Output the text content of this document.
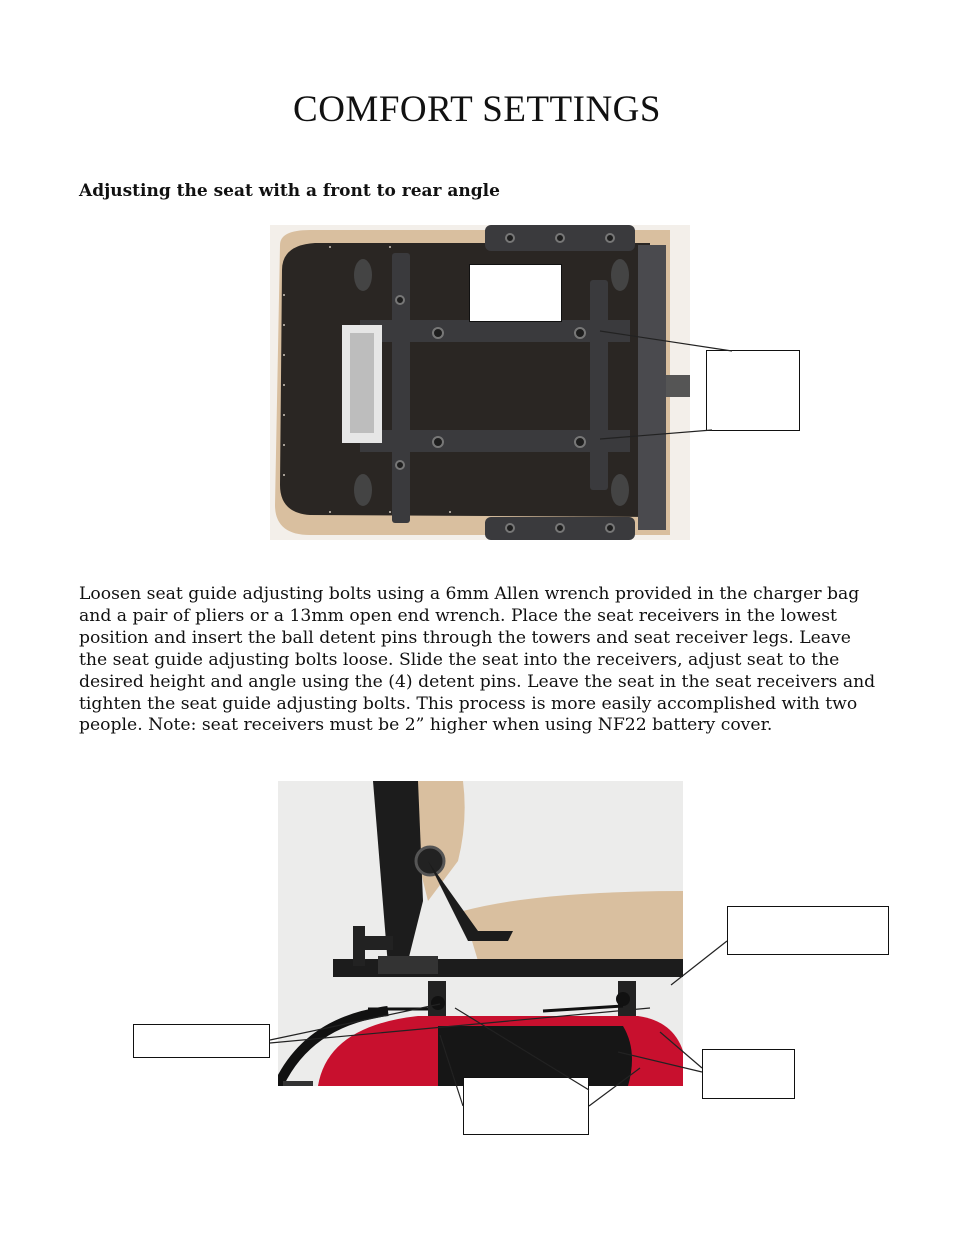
COMFORT SETTINGS
Adjusting the seat with a front to rear angle

Loosen seat guide adjusting bolts using a 6mm Allen wrench provided in the charger bag and a pair of pliers or a 13mm open end wrench. Place the seat receivers in the lowest position and insert the ball detent pins through the towers and seat receiver legs. Leave the seat guide adjusting bolts loose. Slide the seat into the receivers, adjust seat to the desired height and angle using the (4) detent pins. Leave the seat in the seat receivers and tighten the seat guide adjusting bolts. This process is more easily accomplished with two people. Note: seat receivers must be 2” higher when using NF22 battery cover.
